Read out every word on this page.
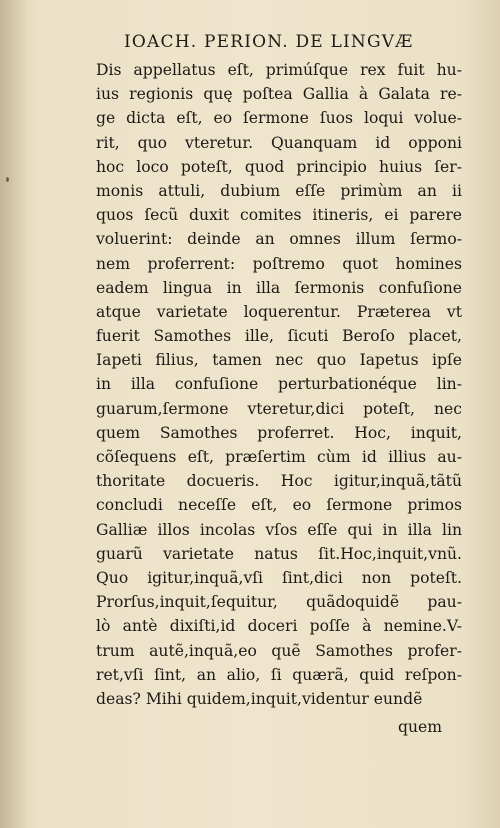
IOACH. PERION. DE LINGVÆ
Dis appellatus eſt, primúſque rex fuit hu-
ius regionis quę poſtea Gallia à Galata re-
ge dicta eſt, eo ſermone ſuos loqui volue-
rit, quo vteretur. Quanquam id opponi
hoc loco poteſt, quod principio huius ſer-
monis attuli, dubium eſſe primùm an ii
quos ſecũ duxit comites itineris, ei parere
voluerint: deinde an omnes illum ſermo-
nem proferrent: poſtremo quot homines
eadem lingua in illa ſermonis confuſione
atque varietate loquerentur. Præterea vt
fuerit Samothes ille, ſicuti Beroſo placet,
Iapeti filius, tamen nec quo Iapetus ipſe
in illa confuſione perturbationéque lin-
guarum,ſermone vteretur,dici poteſt, nec
quem Samothes proferret. Hoc, inquit,
cõſequens eſt, præſertim cùm id illius au-
thoritate docueris. Hoc igitur,inquã,tãtũ
concludi neceſſe eſt, eo ſermone primos
Galliæ illos incolas vſos eſſe qui in illa lin
guarũ varietate natus ſit.Hoc,inquit,vnũ.
Quo igitur,inquã,vſi ſint,dici non poteſt.
Prorſus,inquit,ſequitur, quãdoquidẽ pau-
lò antè dixiſti,id doceri poſſe à nemine.V-
trum autẽ,inquã,eo quẽ Samothes profer-
ret,vſi ſint, an alio, ſi quærã, quid reſpon-
deas? Mihi quidem,inquit,videntur eundẽ
quem
